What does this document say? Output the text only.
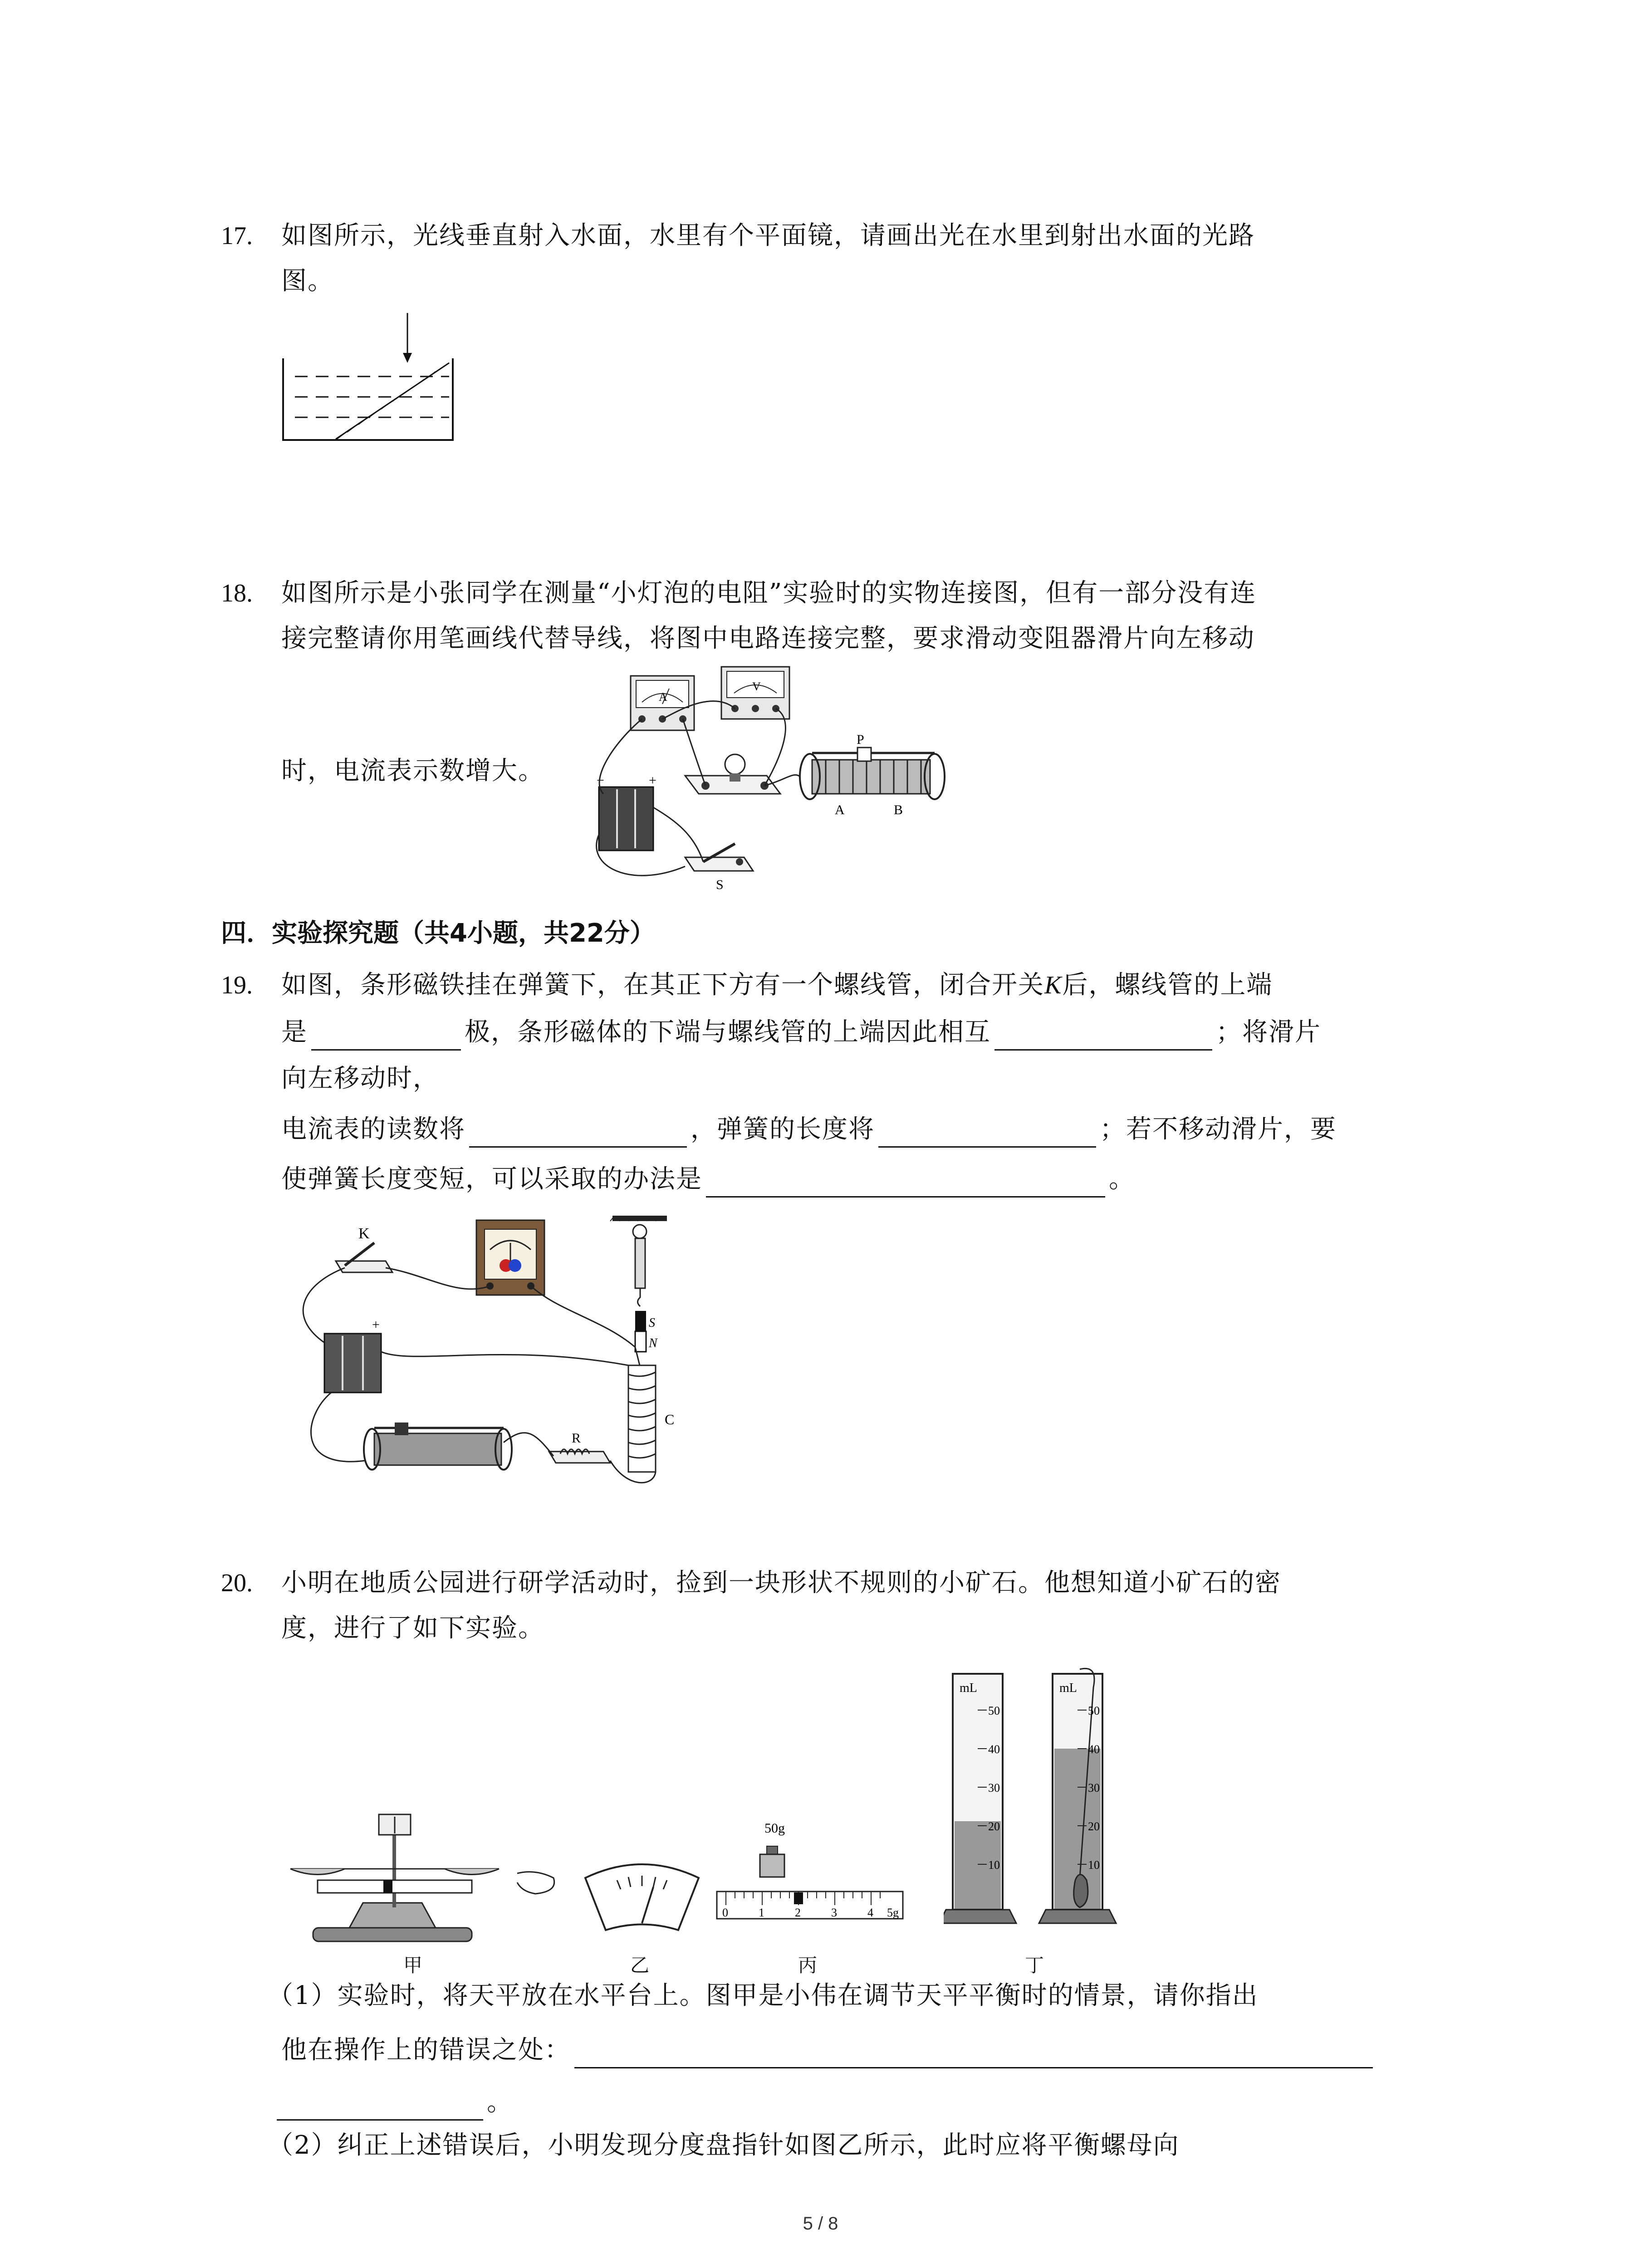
17. 如图所示，光线垂直射入水面，水里有个平面镜，请画出光在水里到射出水面的光路
图。
18. 如图所示是小张同学在测量“小灯泡的电阻”实验时的实物连接图，但有一部分没有连
接完整请你用笔画线代替导线，将图中电路连接完整，要求滑动变阻器滑片向左移动
时，电流表示数增大。
A
V
−	+
S
P
A	B
四．实验探究题（共4小题，共22分）
19. 如图，条形磁铁挂在弹簧下，在其正下方有一个螺线管，闭合开关K后，螺线管的上端
是	极，条形磁体的下端与螺线管的上端因此相互	；将滑片
向左移动时，
电流表的读数将	，弹簧的长度将	；若不移动滑片，要
使弹簧长度变短，可以采取的办法是	。
K
+	S
N
C
R
20. 小明在地质公园进行研学活动时，捡到一块形状不规则的小矿石。他想知道小矿石的密
度，进行了如下实验。
甲	乙
50g
0	1	2	3	4 5g
丙
mL
50
40
30
20
10
mL
50
40
30
20
10
丁
（1）实验时，将天平放在水平台上。图甲是小伟在调节天平平衡时的情景，请你指出
他在操作上的错误之处：
。
（2）纠正上述错误后，小明发现分度盘指针如图乙所示，此时应将平衡螺母向
5 / 8
